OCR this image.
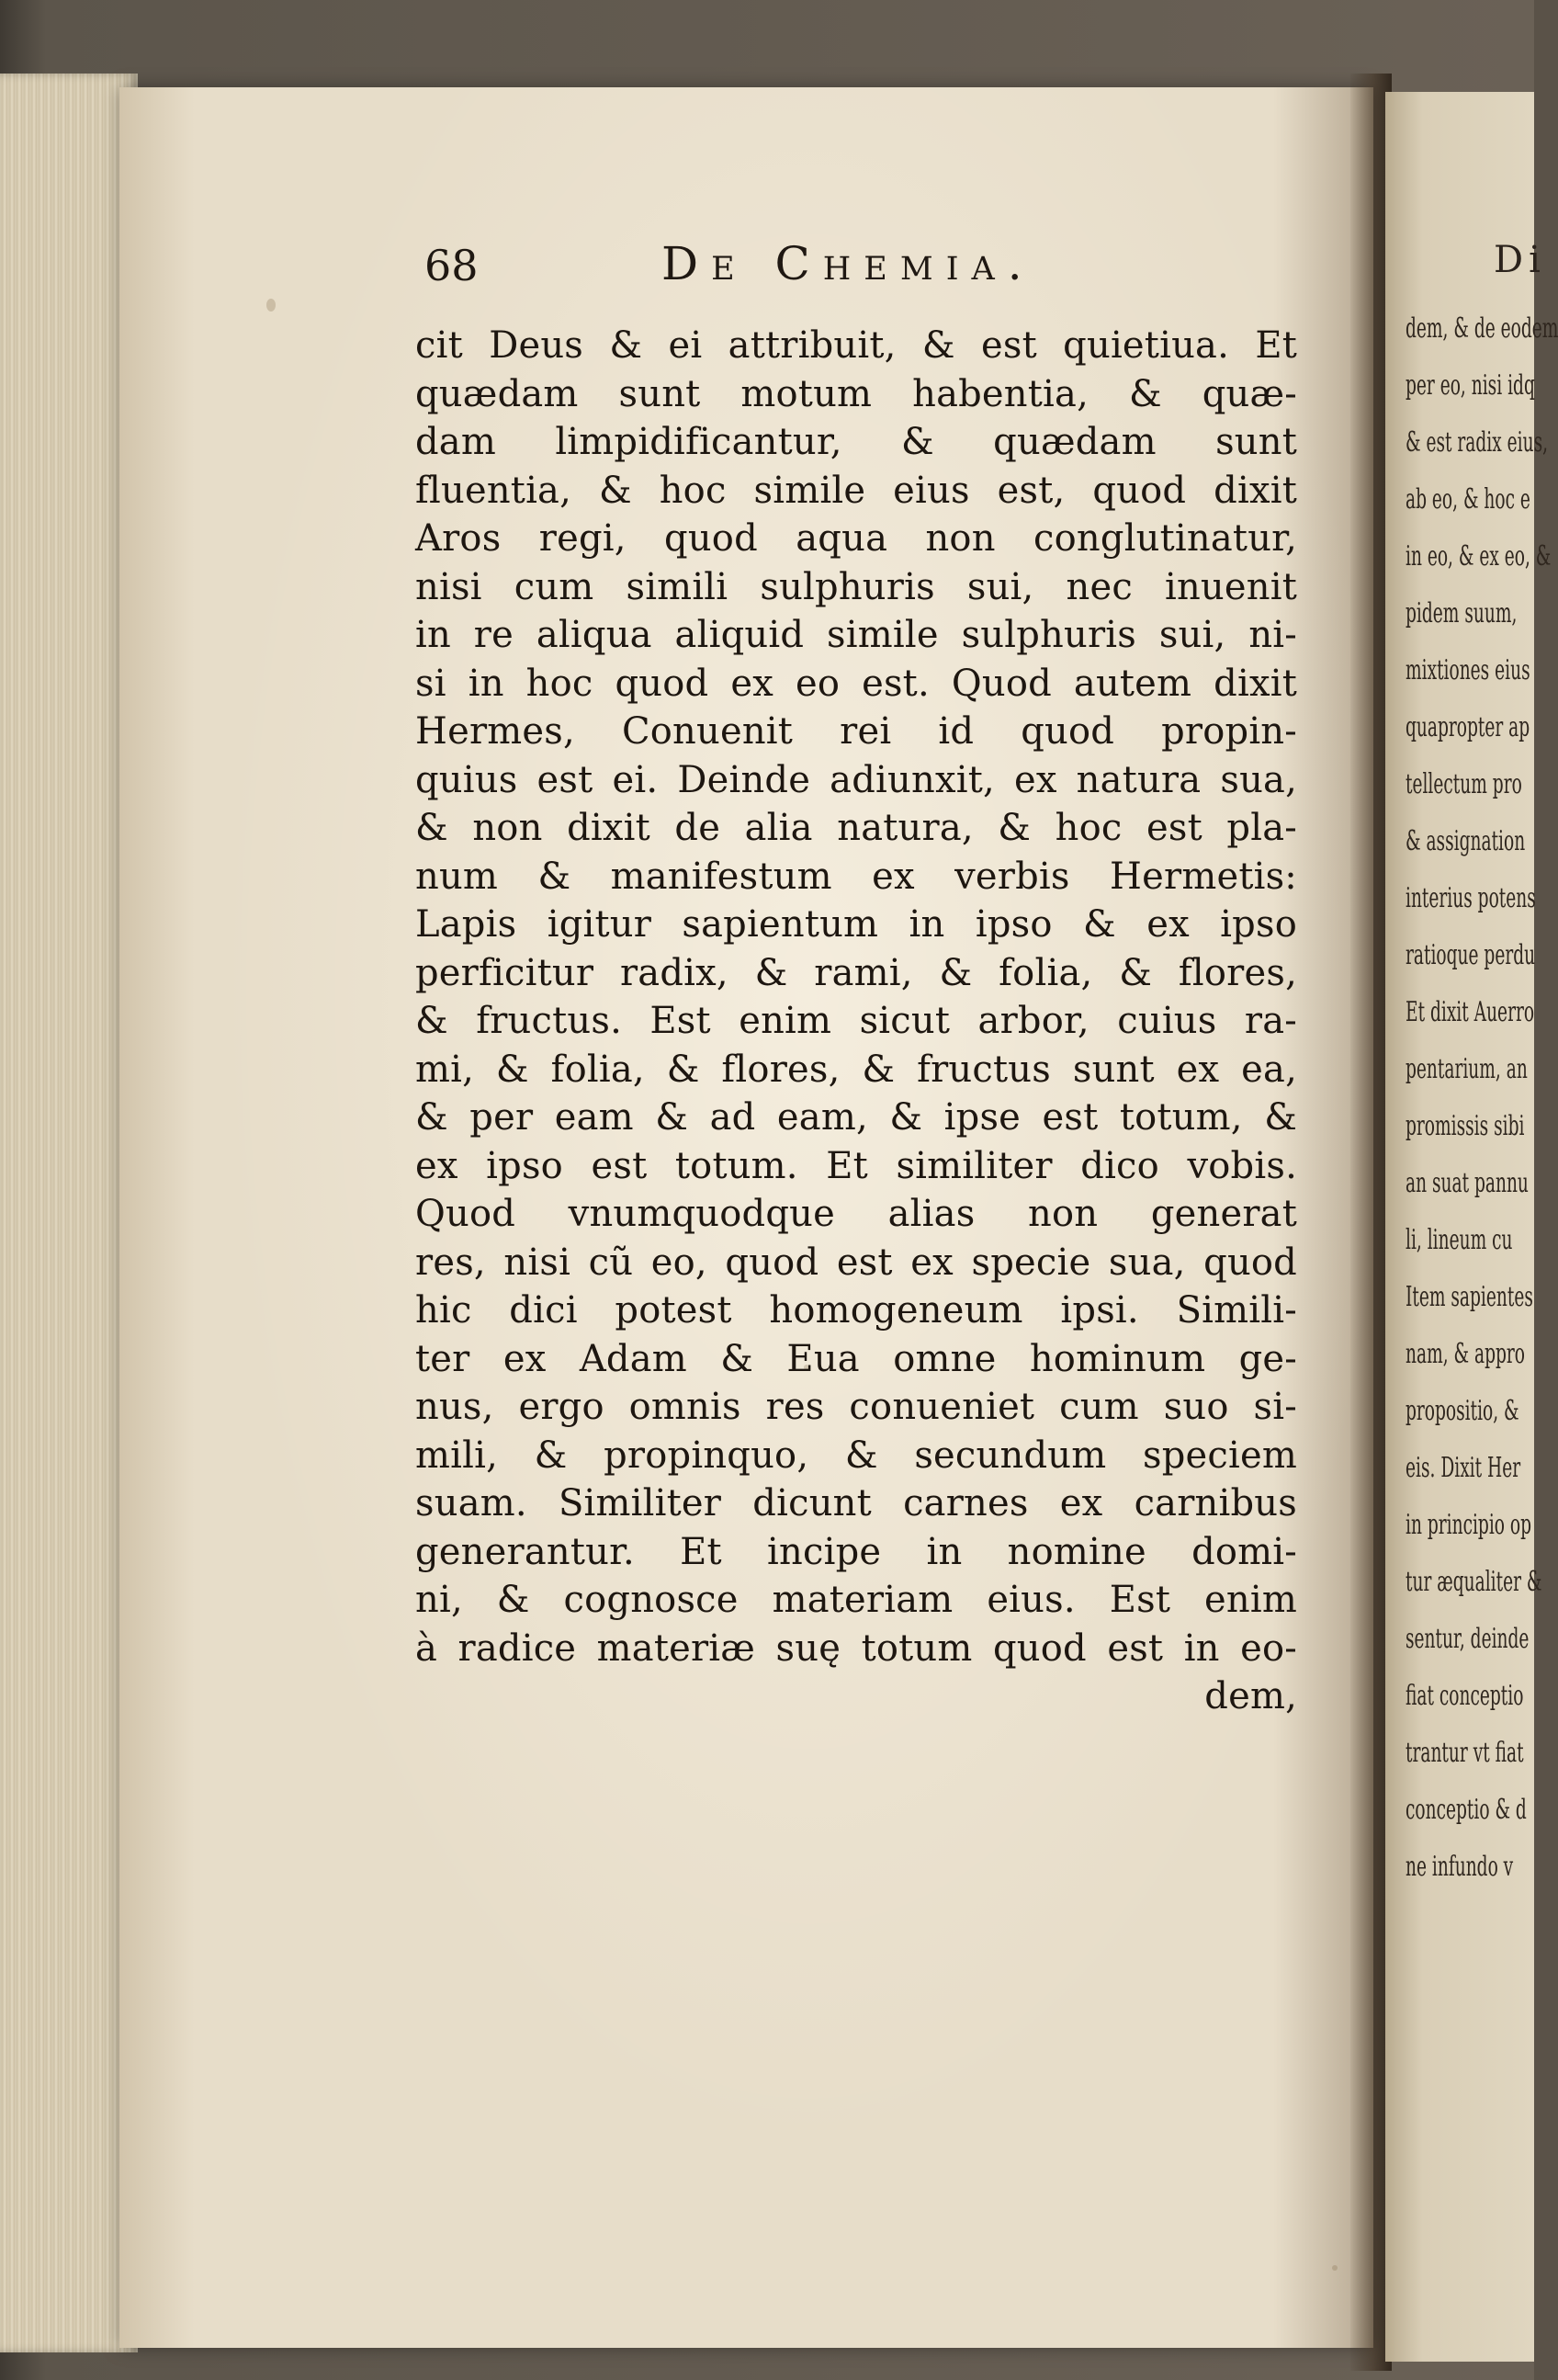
68	De Chemia.
cit Deus & ei attribuit, & est quietiua. Et
quædam sunt motum habentia, & quæ-
dam limpidificantur, & quædam sunt
fluentia, & hoc simile eius est, quod dixit
Aros regi, quod aqua non conglutinatur,
nisi cum simili sulphuris sui, nec inuenit
in re aliqua aliquid simile sulphuris sui, ni-
si in hoc quod ex eo est. Quod autem dixit
Hermes, Conuenit rei id quod propin-
quius est ei. Deinde adiunxit, ex natura sua,
& non dixit de alia natura, & hoc est pla-
num & manifestum ex verbis Hermetis:
Lapis igitur sapientum in ipso & ex ipso
perficitur radix, & rami, & folia, & flores,
& fructus. Est enim sicut arbor, cuius ra-
mi, & folia, & flores, & fructus sunt ex ea,
& per eam & ad eam, & ipse est totum, &
ex ipso est totum. Et similiter dico vobis.
Quod vnumquodque alias non generat
res, nisi cũ eo, quod est ex specie sua, quod
hic dici potest homogeneum ipsi. Simili-
ter ex Adam & Eua omne hominum ge-
nus, ergo omnis res conueniet cum suo si-
mili, & propinquo, & secundum speciem
suam. Similiter dicunt carnes ex carnibus
generantur. Et incipe in nomine domi-
ni, & cognosce materiam eius. Est enim
à radice materiæ suę totum quod est in eo-
dem,
Di
dem, & de eodem
per eo, nisi idq
& est radix eius,
ab eo, & hoc e
in eo, & ex eo, &
pidem suum,
mixtiones eius
quapropter ap
tellectum pro
& assignation
interius potens
ratioque perdu
Et dixit Auerro
pentarium, an
promissis sibi
an suat pannu
li, lineum cu
Item sapientes
nam, & appro
propositio, &
eis. Dixit Her
in principio op
tur æqualiter &
sentur, deinde
fiat conceptio
trantur vt fiat
conceptio & d
ne infundo v
